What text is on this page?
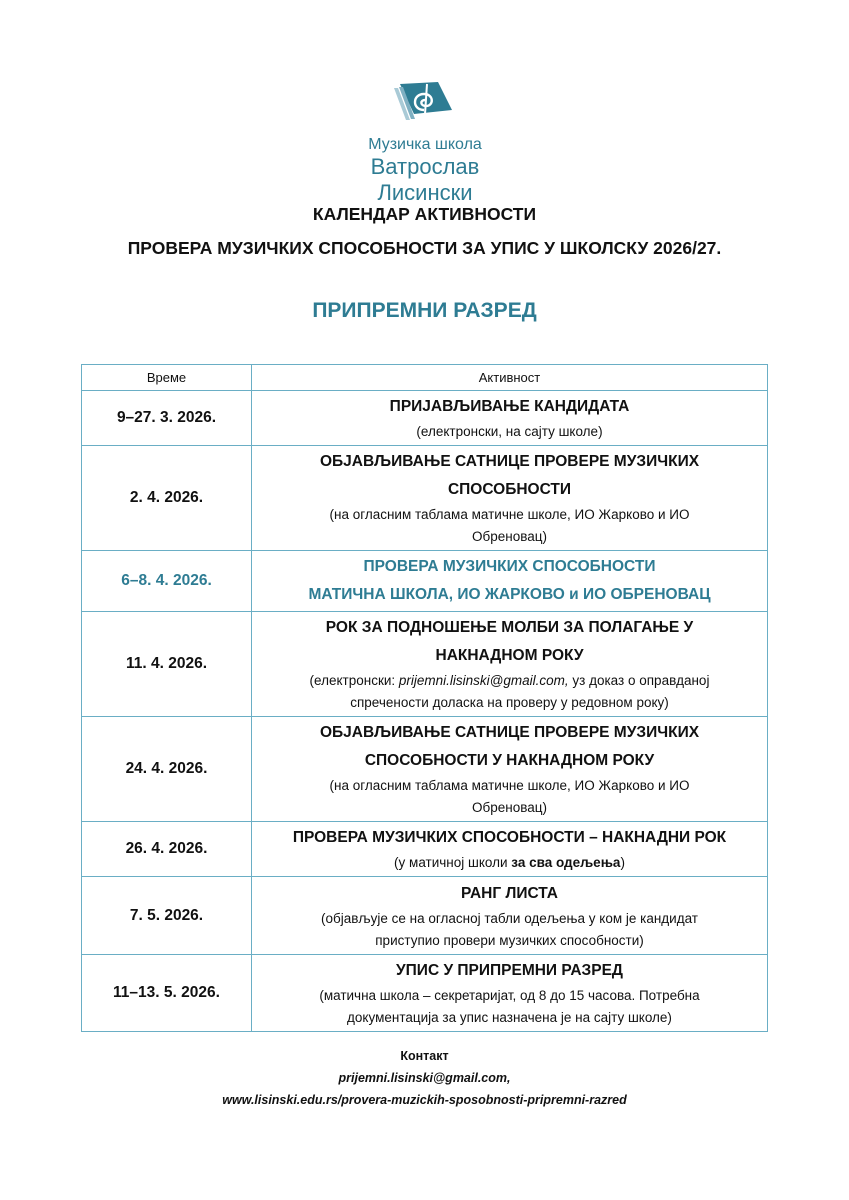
Музичка школа
Ватрослав Лисински
КАЛЕНДАР АКТИВНОСТИ
ПРОВЕРА МУЗИЧКИХ СПОСОБНОСТИ ЗА УПИС У ШКОЛСКУ 2026/27.
ПРИПРЕМНИ РАЗРЕД
Време	Активност
9–27. 3. 2026.	ПРИЈАВЉИВАЊЕ КАНДИДАТА
(електронски, на сајту школе)

2. 4. 2026.	ОБЈАВЉИВАЊЕ САТНИЦЕ ПРОВЕРЕ МУЗИЧКИХ
СПОСОБНОСТИ
(на огласним таблама матичне школе, ИО Жарково и ИО
Обреновац)

6–8. 4. 2026.	ПРОВЕРА МУЗИЧКИХ СПОСОБНОСТИ
МАТИЧНА ШКОЛА, ИО ЖАРКОВО и ИО ОБРЕНОВАЦ

11. 4. 2026.	РОК ЗА ПОДНОШЕЊЕ МОЛБИ ЗА ПОЛАГАЊЕ У
НАКНАДНОМ РОКУ
(електронски: prijemni.lisinski@gmail.com, уз доказ о оправданој
спречености доласка на проверу у редовном року)

24. 4. 2026.	ОБЈАВЉИВАЊЕ САТНИЦЕ ПРОВЕРЕ МУЗИЧКИХ
СПОСОБНОСТИ У НАКНАДНОМ РОКУ
(на огласним таблама матичне школе, ИО Жарково и ИО
Обреновац)

26. 4. 2026.	ПРОВЕРА МУЗИЧКИХ СПОСОБНОСТИ – НАКНАДНИ РОК
(у матичној школи за сва одељења)

7. 5. 2026.	РАНГ ЛИСТА
(објављује се на огласној табли одељења у ком је кандидат
приступио провери музичких способности)

11–13. 5. 2026.	УПИС У ПРИПРЕМНИ РАЗРЕД
(матична школа – секретаријат, од 8 до 15 часова. Потребна
документација за упис назначена је на сајту школе)
Контакт
prijemni.lisinski@gmail.com,
www.lisinski.edu.rs/provera-muzickih-sposobnosti-pripremni-razred
